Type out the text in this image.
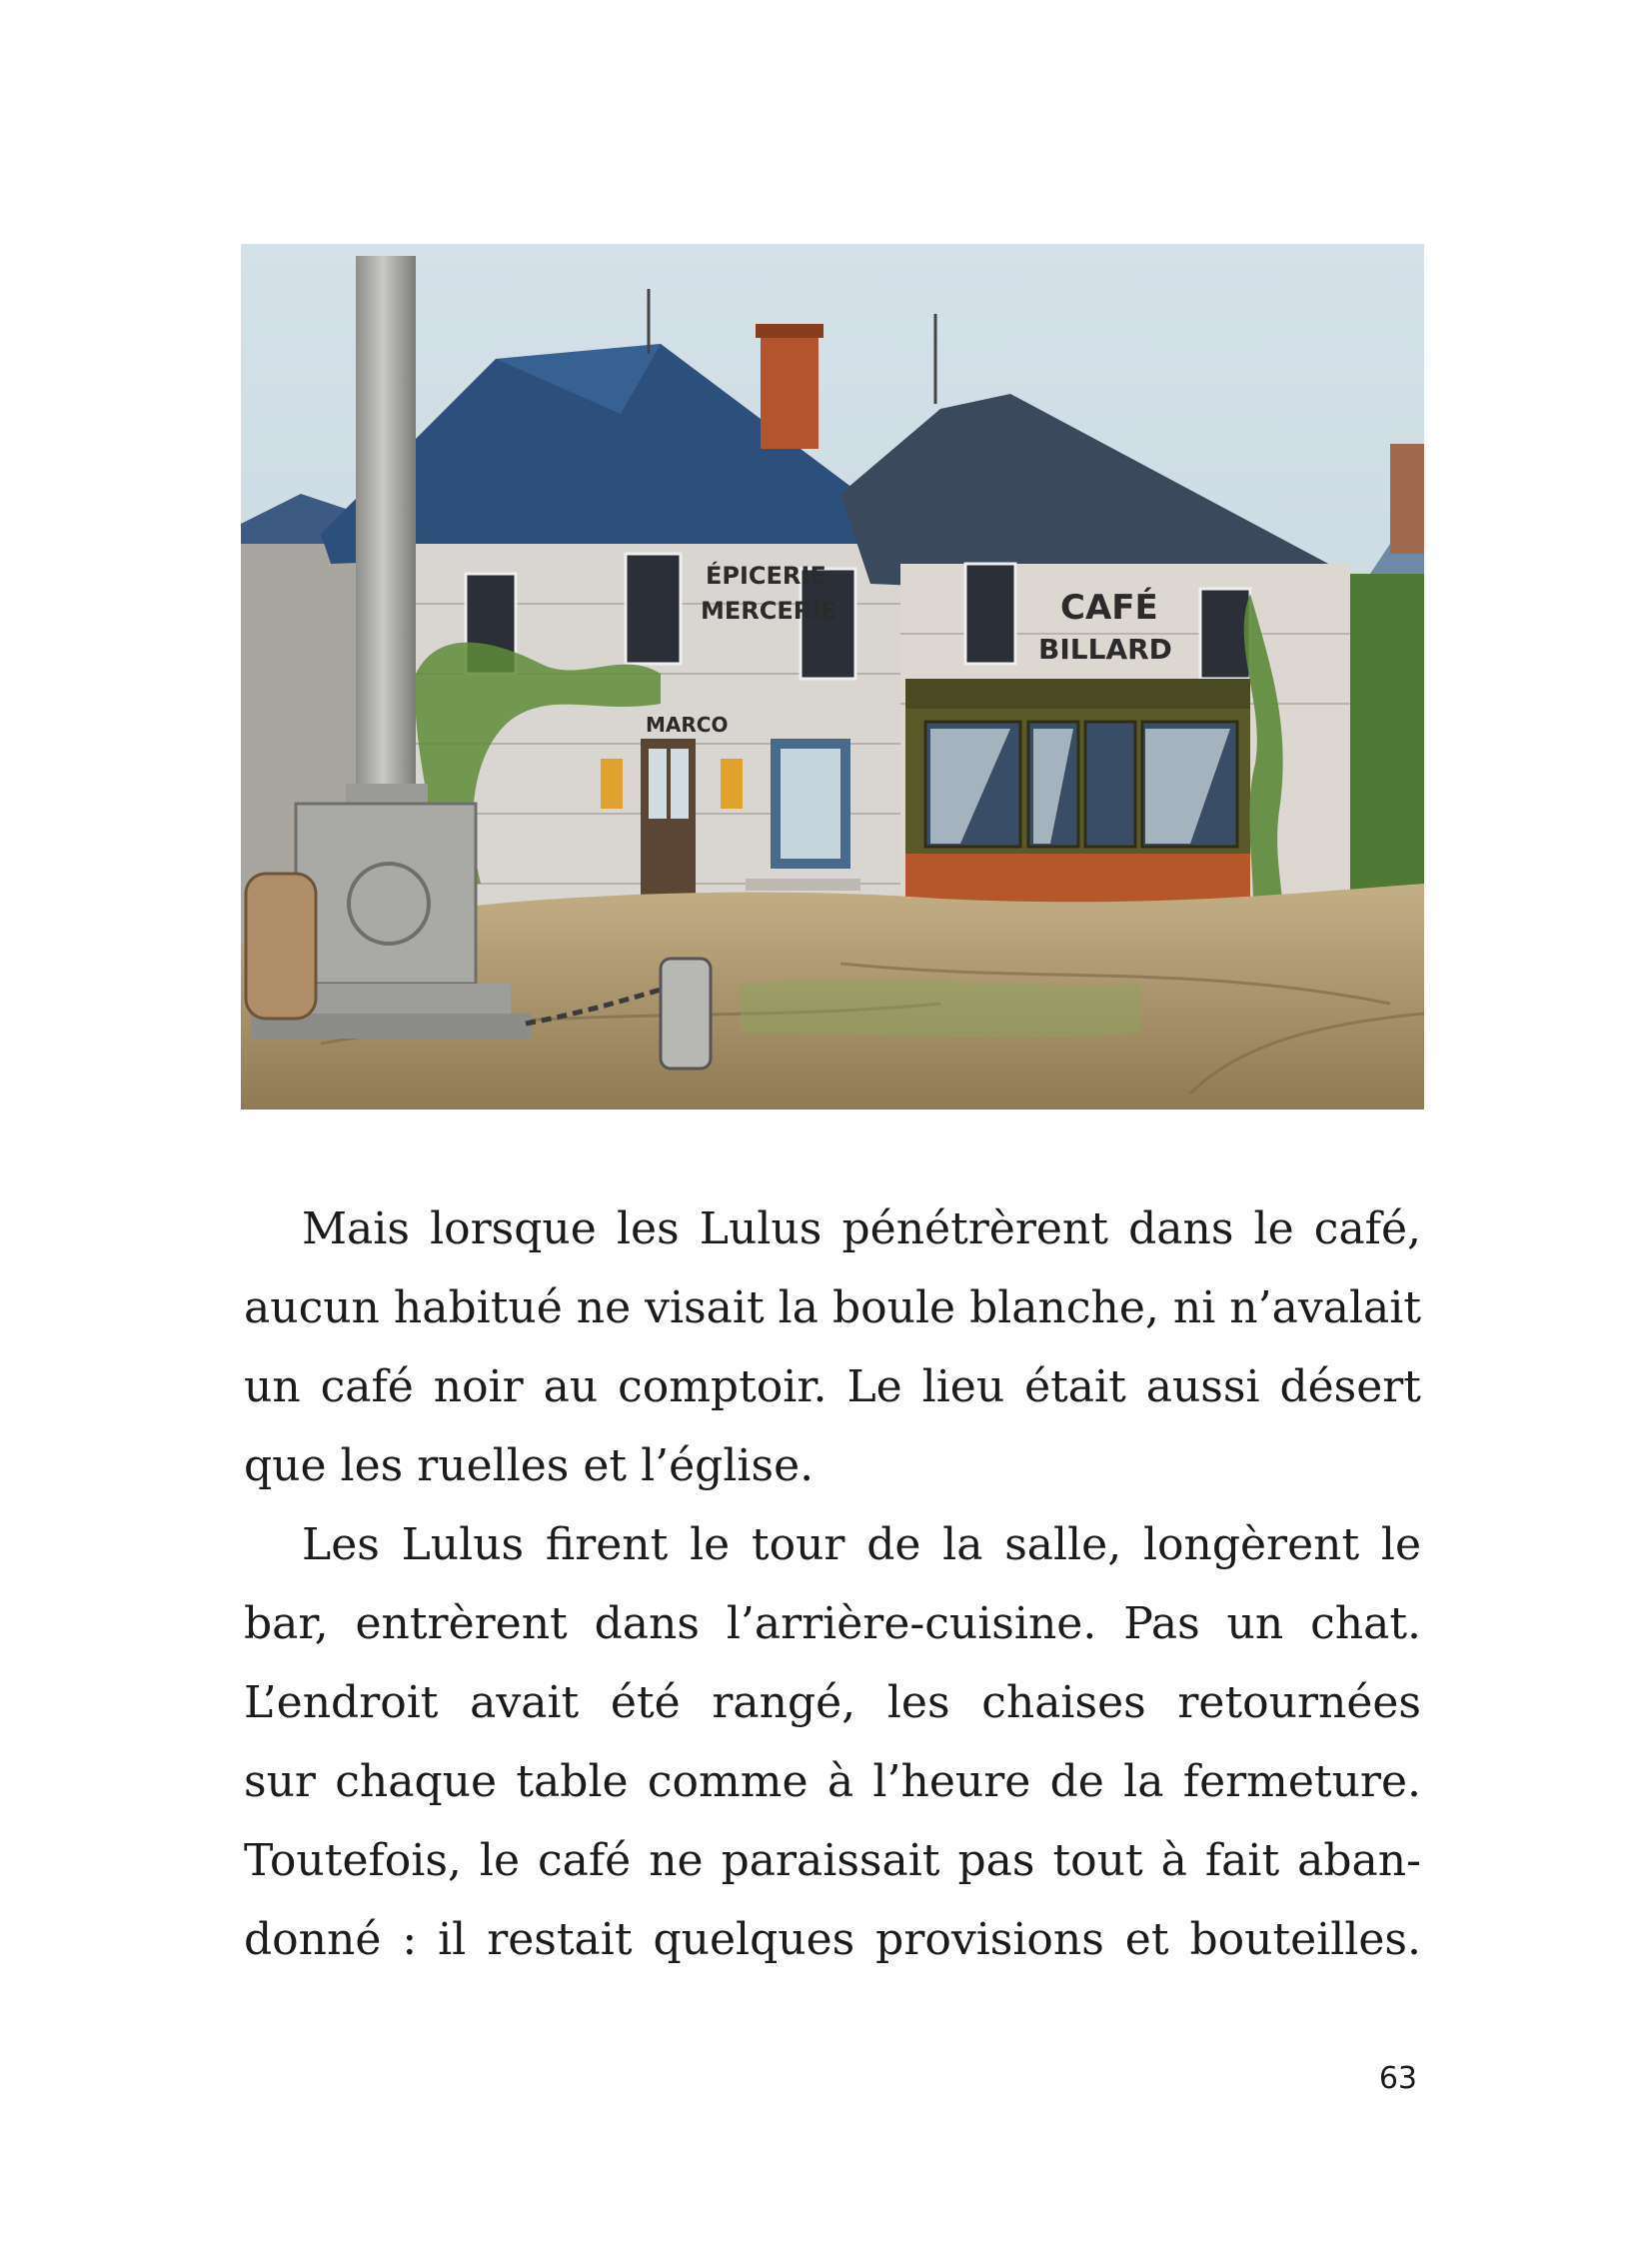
ÉPICERIE
MERCERIE
MARCO
CAFÉ
BILLARD

Mais lorsque les Lulus pénétrèrent dans le café,
aucun habitué ne visait la boule blanche, ni n’avalait
un café noir au comptoir. Le lieu était aussi désert
que les ruelles et l’église.

Les Lulus firent le tour de la salle, longèrent le
bar, entrèrent dans l’arrière-cuisine. Pas un chat.
L’endroit avait été rangé, les chaises retournées
sur chaque table comme à l’heure de la fermeture.
Toutefois, le café ne paraissait pas tout à fait aban-
donné : il restait quelques provisions et bouteilles.

63
